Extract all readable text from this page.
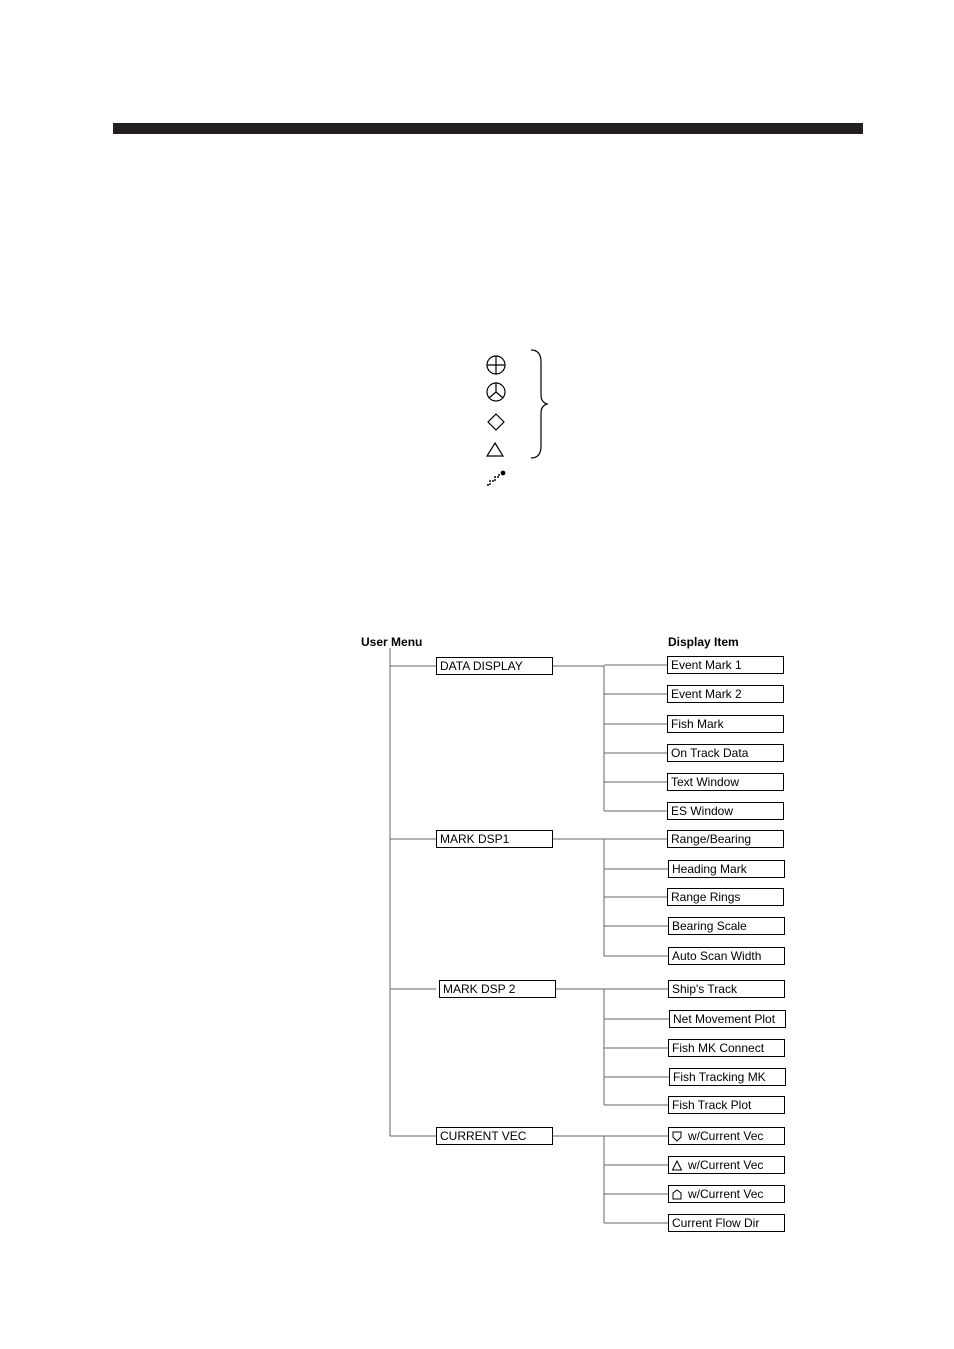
User Menu	Display Item
DATA DISPLAY	Event Mark 1
Event Mark 2
Fish Mark
On Track Data
Text Window
ES Window
MARK DSP1	Range/Bearing
Heading Mark
Range Rings
Bearing Scale
Auto Scan Width
MARK DSP 2	Ship's Track
Net Movement Plot
Fish MK Connect
Fish Tracking MK
Fish Track Plot
CURRENT VEC	w/Current Vec
w/Current Vec
w/Current Vec
Current Flow Dir
